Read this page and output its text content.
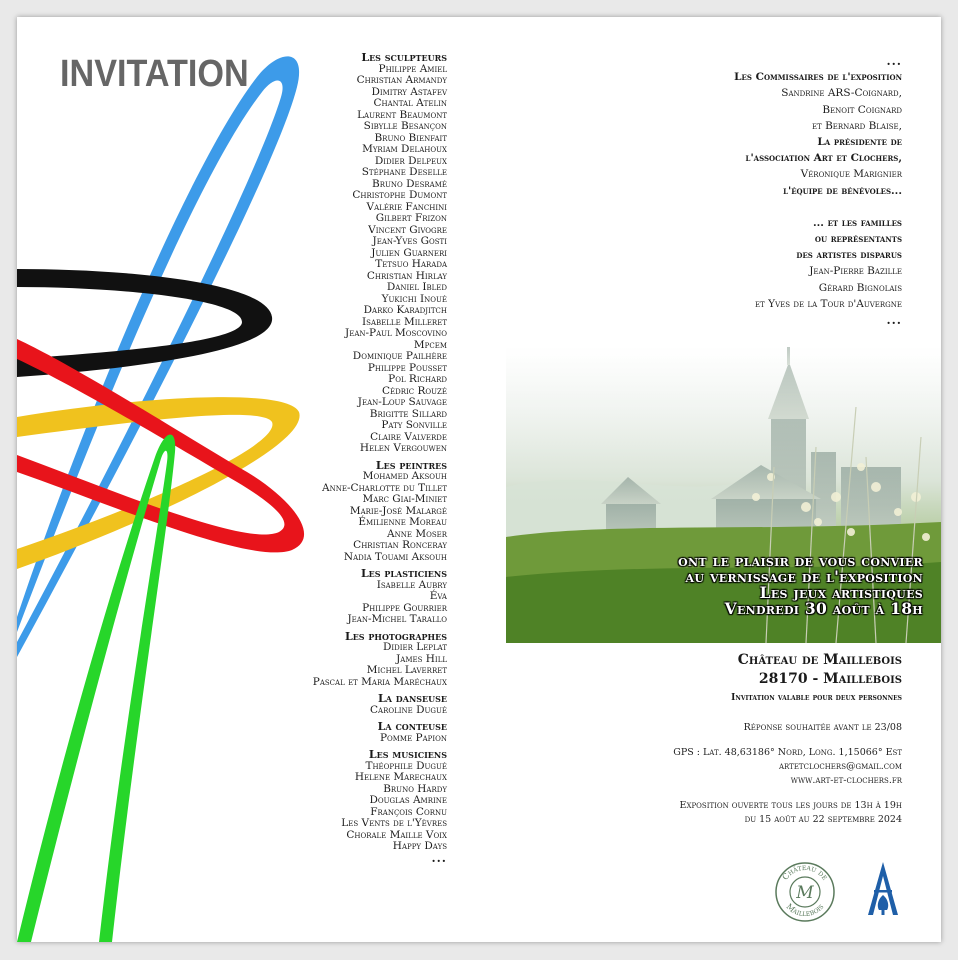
INVITATION	Les sculpteurs
Philippe Amiel
Christian Armandy
Dimitry Astafev
Chantal Atelin
Laurent Beaumont
Sibylle Besançon
Bruno Bienfait
Myriam Delahoux
Didier Delpeux
Stéphane Deselle
Bruno Desramé
Christophe Dumont
Valérie Fanchini
Gilbert Frizon
Vincent Givogre
Jean-Yves Gosti
Julien Guarneri
Tetsuo Harada
Christian Hirlay
Daniel Ibled
Yukichi Inoué
Darko Karadjitch
Isabelle Milleret
Jean-Paul Moscovino
Mpcem
Dominique Pailhère
Philippe Pousset
Pol Richard
Cédric Rouzé
Jean-Loup Sauvage
Brigitte Sillard
Paty Sonville
Claire Valverde
Helen Vergouwen
Les peintres
Mohamed Aksouh
Anne-Charlotte du Tillet
Marc Giai-Miniet
Marie-José Malargé
Émilienne Moreau
Anne Moser
Christian Ronceray
Nadia Touami Aksouh
Les plasticiens
Isabelle Aubry
Éva
Philippe Gourrier
Jean-Michel Tarallo
Les photographes
Didier Leplat
James Hill
Michel Laverret
Pascal et Maria Maréchaux
La danseuse
Caroline Dugué
La conteuse
Pomme Papion
Les musiciens
Théophile Dugué
Helene Marechaux
Bruno Hardy
Douglas Amrine
François Cornu
Les Vents de l'Yèvres
Chorale Maille Voix
Happy Days
...
...
Les Commissaires de l'exposition
Sandrine ARS-Coignard,
Benoit Coignard
et Bernard Blaise,
La présidente de
l'association Art et Clochers,
Véronique Marignier
l'équipe de bénévoles...
... et les familles
ou représentants
des artistes disparus
Jean-Pierre Bazille
Gérard Bignolais
et Yves de la Tour d'Auvergne
...
ont le plaisir de vous convier
au vernissage de l'exposition
Les jeux artistiques
Vendredi 30 août à 18h
Château de Maillebois
28170 - Maillebois
Invitation valable pour deux personnes
Réponse souhaitée avant le 23/08
GPS : Lat. 48,63186° Nord, Long. 1,15066° Est
artetclochers@gmail.com
www.art-et-clochers.fr
Exposition ouverte tous les jours de 13h à 19h
du 15 août au 22 septembre 2024
Château de
Maillebois
M
